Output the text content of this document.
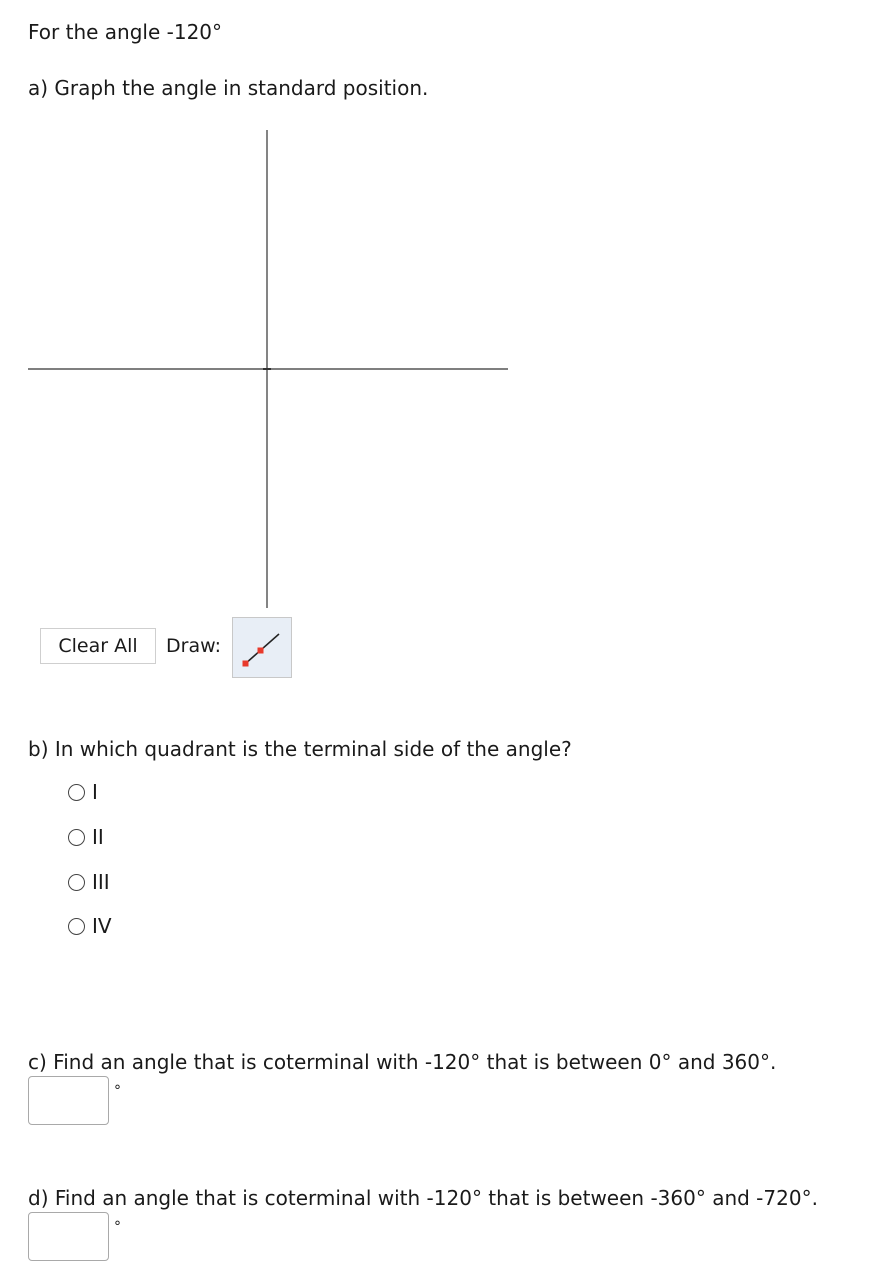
For the angle -120°
a) Graph the angle in standard position.
Clear All	Draw:
b) In which quadrant is the terminal side of the angle?
I
II
III
IV
c) Find an angle that is coterminal with -120° that is between 0° and 360°.
°
d) Find an angle that is coterminal with -120° that is between -360° and -720°.
°
